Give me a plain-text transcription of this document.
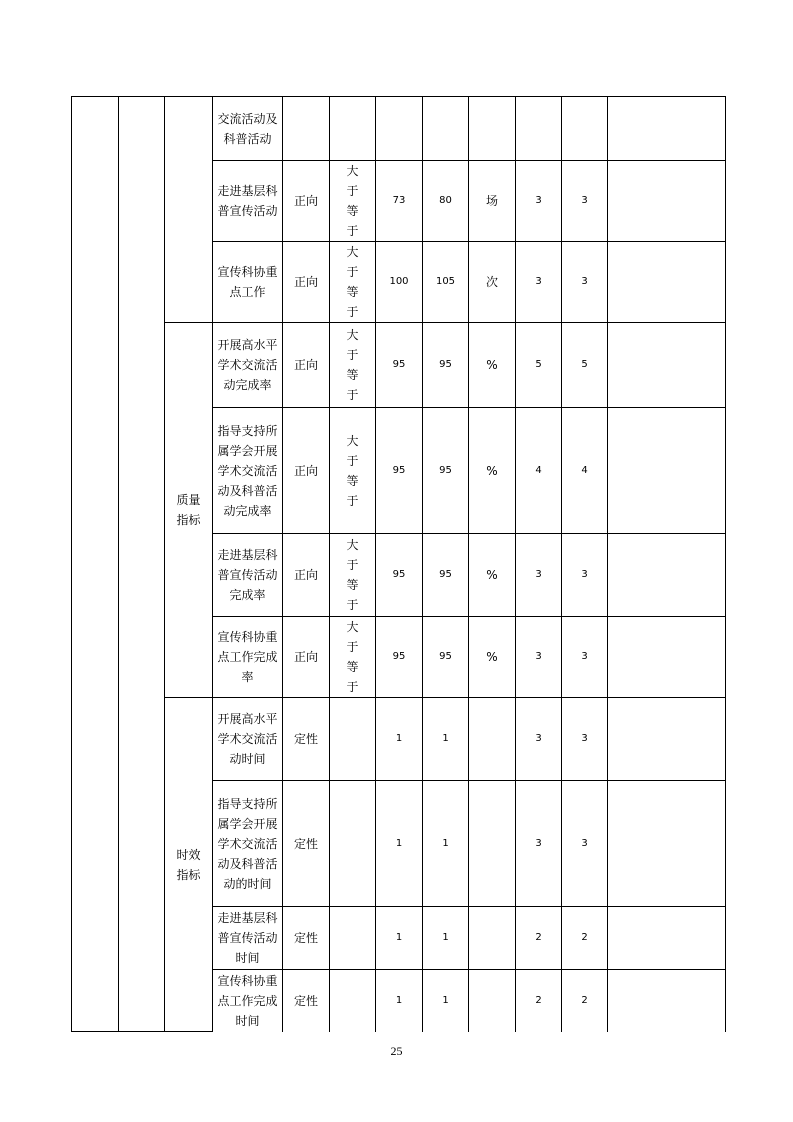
			交流活动及科普活动								
			走进基层科普宣传活动	正向	大于等于	73	80	场	3	3	
			宣传科协重点工作	正向	大于等于	100	105	次	3	3	
		质量指标	开展高水平学术交流活动完成率	正向	大于等于	95	95	%	5	5	
			指导支持所属学会开展学术交流活动及科普活动完成率	正向	大于等于	95	95	%	4	4	
			走进基层科普宣传活动完成率	正向	大于等于	95	95	%	3	3	
			宣传科协重点工作完成率	正向	大于等于	95	95	%	3	3	
		时效指标	开展高水平学术交流活动时间	定性		1	1		3	3	
			指导支持所属学会开展学术交流活动及科普活动的时间	定性		1	1		3	3	
			走进基层科普宣传活动时间	定性		1	1		2	2	
			宣传科协重点工作完成时间	定性		1	1		2	2	
25
